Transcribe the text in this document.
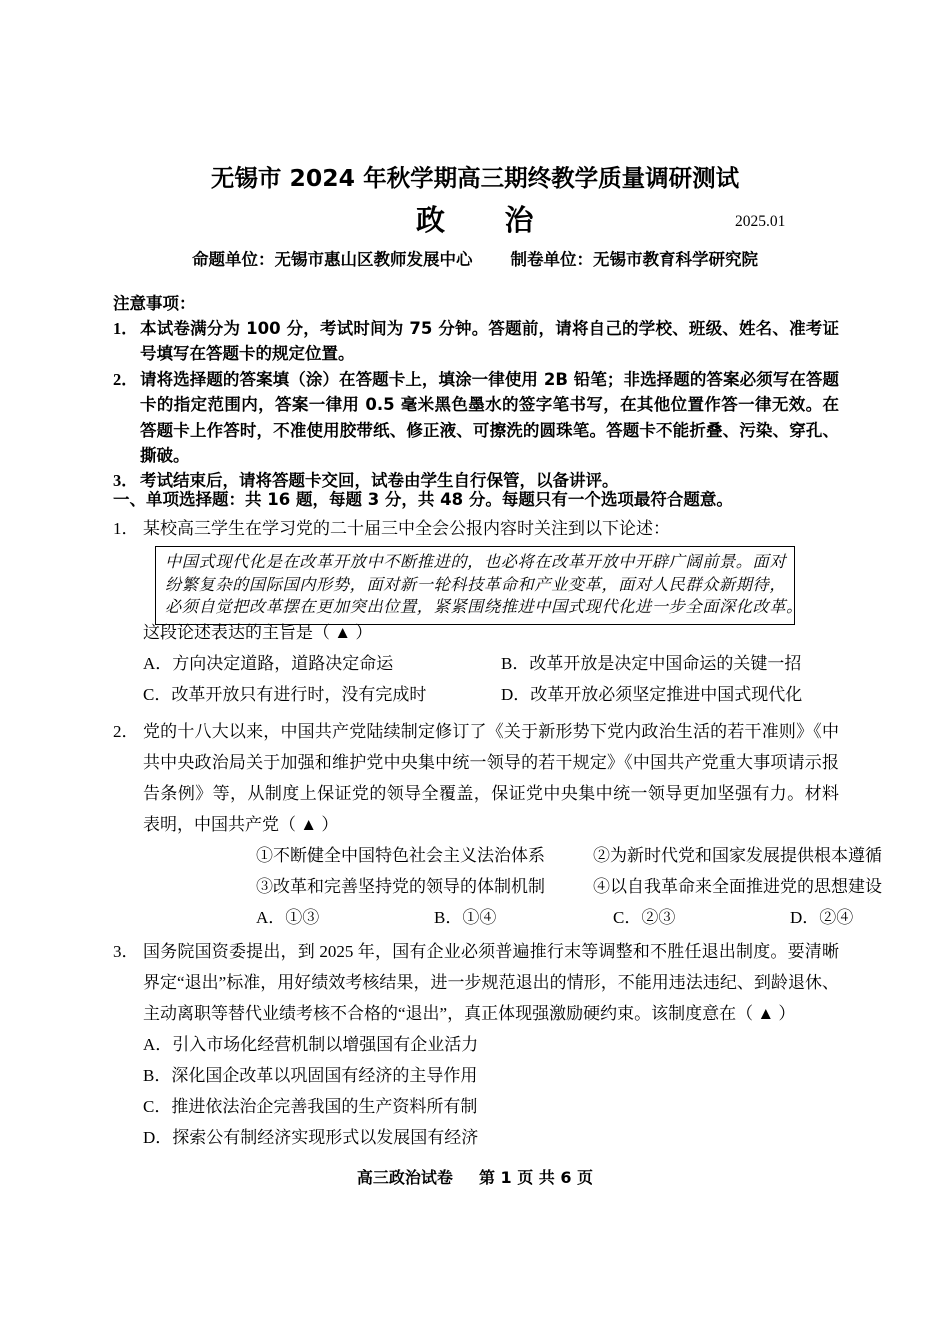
无锡市 2024 年秋学期高三期终教学质量调研测试
政　　治	2025.01
命题单位：无锡市惠山区教师发展中心 制卷单位：无锡市教育科学研究院
注意事项：
1． 本试卷满分为 100 分，考试时间为 75 分钟。答题前，请将自己的学校、班级、姓名、准考证号填写在答题卡的规定位置。
2． 请将选择题的答案填（涂）在答题卡上，填涂一律使用 2B 铅笔；非选择题的答案必须写在答题卡的指定范围内，答案一律用 0.5 毫米黑色墨水的签字笔书写，在其他位置作答一律无效。在答题卡上作答时，不准使用胶带纸、修正液、可擦洗的圆珠笔。答题卡不能折叠、污染、穿孔、撕破。
3． 考试结束后，请将答题卡交回，试卷由学生自行保管，以备讲评。
一、单项选择题：共 16 题，每题 3 分，共 48 分。每题只有一个选项最符合题意。
1． 某校高三学生在学习党的二十届三中全会公报内容时关注到以下论述：
中国式现代化是在改革开放中不断推进的，也必将在改革开放中开辟广阔前景。面对
纷繁复杂的国际国内形势，面对新一轮科技革命和产业变革，面对人民群众新期待，
必须自觉把改革摆在更加突出位置，紧紧围绕推进中国式现代化进一步全面深化改革。
这段论述表达的主旨是（ ▲ ）
A．方向决定道路，道路决定命运	B．改革开放是决定中国命运的关键一招
C．改革开放只有进行时，没有完成时	D．改革开放必须坚定推进中国式现代化
2． 党的十八大以来，中国共产党陆续制定修订了《关于新形势下党内政治生活的若干准则》《中共中央政治局关于加强和维护党中央集中统一领导的若干规定》《中国共产党重大事项请示报告条例》等，从制度上保证党的领导全覆盖，保证党中央集中统一领导更加坚强有力。材料表明，中国共产党（ ▲ ）
①不断健全中国特色社会主义法治体系	②为新时代党和国家发展提供根本遵循
③改革和完善坚持党的领导的体制机制	④以自我革命来全面推进党的思想建设
A．①③	B．①④	C．②③	D．②④
3． 国务院国资委提出，到 2025 年，国有企业必须普遍推行末等调整和不胜任退出制度。要清晰界定“退出”标准，用好绩效考核结果，进一步规范退出的情形，不能用违法违纪、到龄退休、主动离职等替代业绩考核不合格的“退出”，真正体现强激励硬约束。该制度意在（ ▲ ）
A．引入市场化经营机制以增强国有企业活力
B．深化国企改革以巩固国有经济的主导作用
C．推进依法治企完善我国的生产资料所有制
D．探索公有制经济实现形式以发展国有经济
高三政治试卷 第 1 页 共 6 页
